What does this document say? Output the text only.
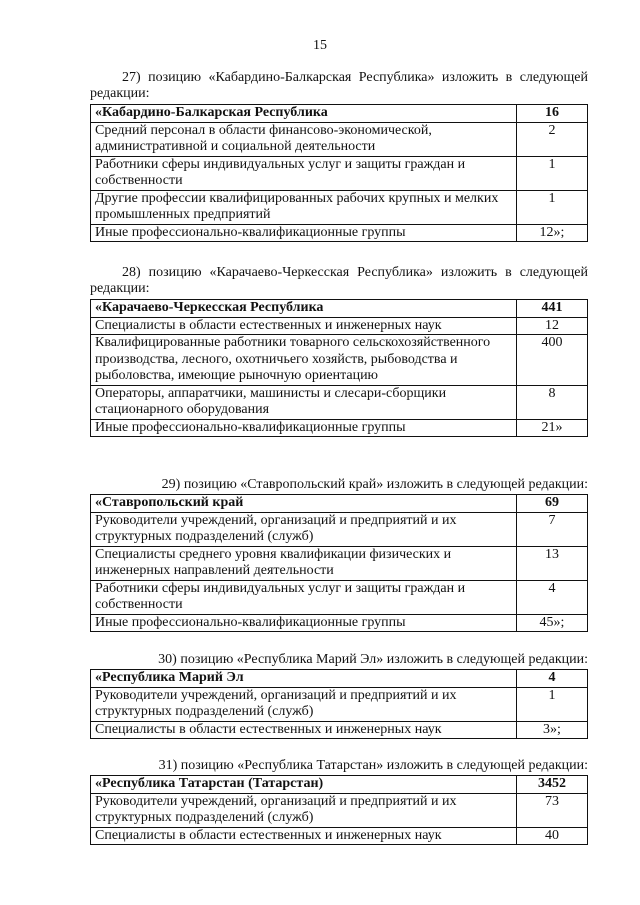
15

27) позицию «Кабардино-Балкарская Республика» изложить в следующей редакции:

«Кабардино-Балкарская Республика	16
Средний персонал в области финансово-экономической, административной и социальной деятельности	2
Работники сферы индивидуальных услуг и защиты граждан и собственности	1
Другие профессии квалифицированных рабочих крупных и мелких промышленных предприятий	1
Иные профессионально-квалификационные группы	12»;

28) позицию «Карачаево-Черкесская Республика» изложить в следующей редакции:

«Карачаево-Черкесская Республика	441
Специалисты в области естественных и инженерных наук	12
Квалифицированные работники товарного сельскохозяйственного производства, лесного, охотничьего хозяйств, рыбоводства и рыболовства, имеющие рыночную ориентацию	400
Операторы, аппаратчики, машинисты и слесари-сборщики стационарного оборудования	8
Иные профессионально-квалификационные группы	21»

29) позицию «Ставропольский край» изложить в следующей редакции:

«Ставропольский край	69
Руководители учреждений, организаций и предприятий и их структурных подразделений (служб)	7
Специалисты среднего уровня квалификации физических и инженерных направлений деятельности	13
Работники сферы индивидуальных услуг и защиты граждан и собственности	4
Иные профессионально-квалификационные группы	45»;

30) позицию «Республика Марий Эл» изложить в следующей редакции:

«Республика Марий Эл	4
Руководители учреждений, организаций и предприятий и их структурных подразделений (служб)	1
Специалисты в области естественных и инженерных наук	3»;

31) позицию «Республика Татарстан» изложить в следующей редакции:

«Республика Татарстан (Татарстан)	3452
Руководители учреждений, организаций и предприятий и их структурных подразделений (служб)	73
Специалисты в области естественных и инженерных наук	40
